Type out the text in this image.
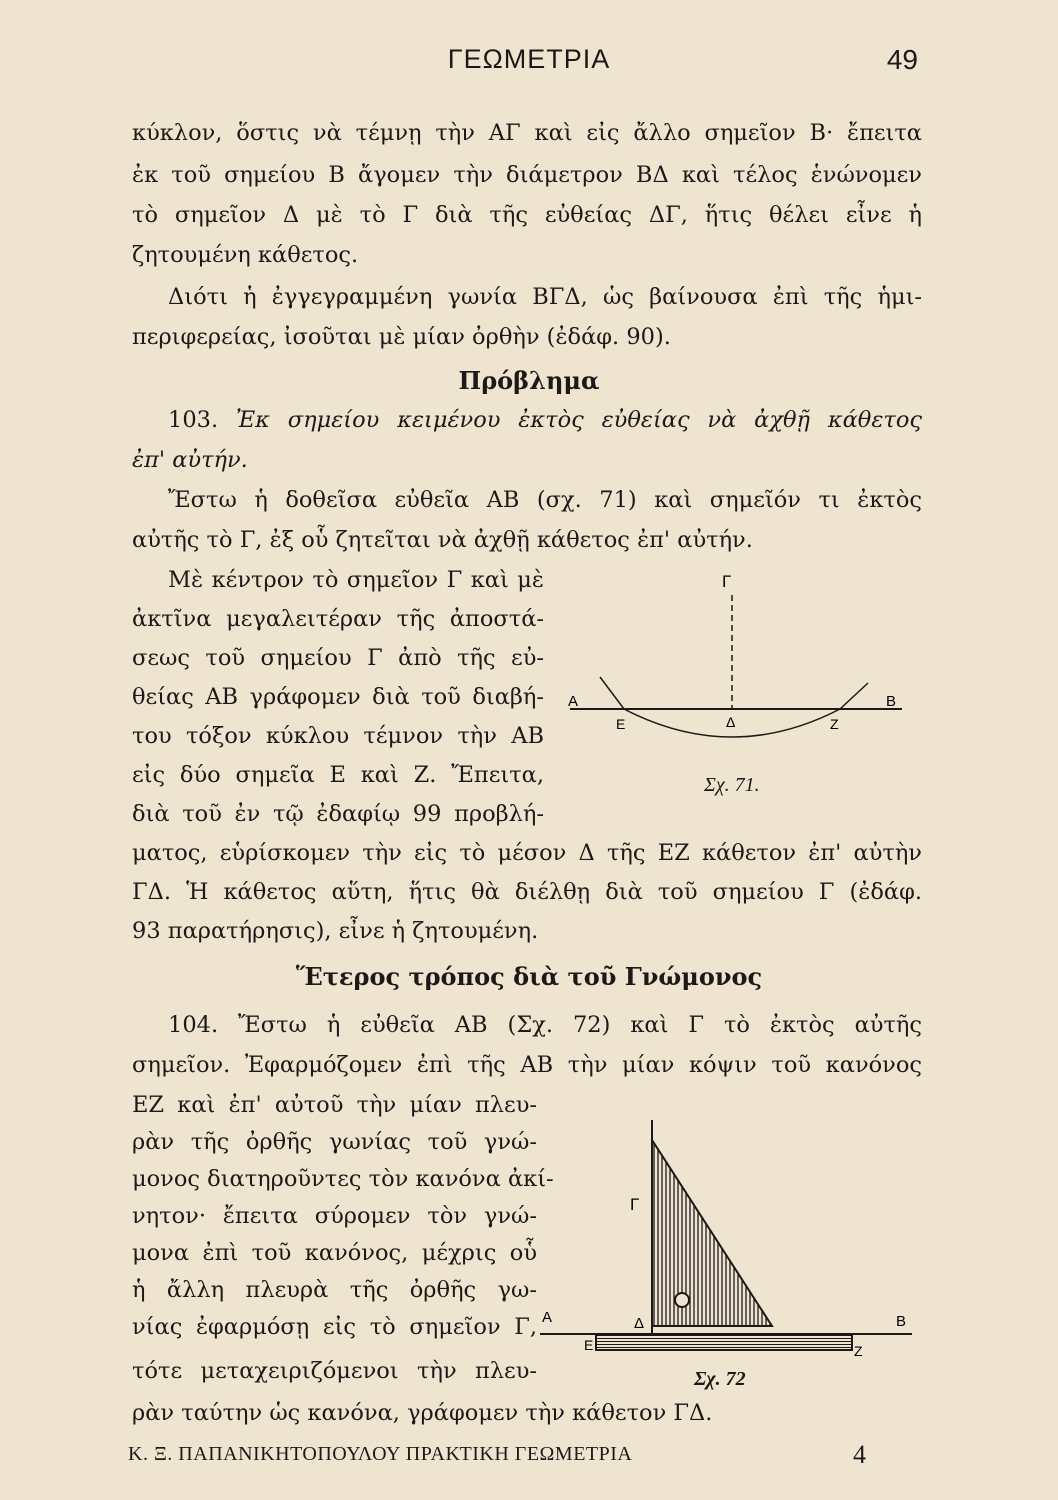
ΓΕΩΜΕΤΡΙΑ	49
κύκλον, ὅστις νὰ τέμνῃ τὴν ΑΓ καὶ εἰς ἄλλο σημεῖον Β· ἔπειτα
ἐκ τοῦ σημείου Β ἄγομεν τὴν διάμετρον ΒΔ καὶ τέλος ἑνώνομεν
τὸ σημεῖον Δ μὲ τὸ Γ διὰ τῆς εὐθείας ΔΓ, ἥτις θέλει εἶνε ἡ
ζητουμένη κάθετος.
Διότι ἡ ἐγγεγραμμένη γωνία ΒΓΔ, ὡς βαίνουσα ἐπὶ τῆς ἡμι-
περιφερείας, ἰσοῦται μὲ μίαν ὀρθὴν (ἐδάφ. 90).
Πρόβλημα
103. Ἐκ σημείου κειμένου ἐκτὸς εὐθείας νὰ ἀχθῇ κάθετος
ἐπ' αὐτήν.
Ἔστω ἡ δοθεῖσα εὐθεῖα ΑΒ (σχ. 71) καὶ σημεῖόν τι ἐκτὸς
αὐτῆς τὸ Γ, ἐξ οὗ ζητεῖται νὰ ἀχθῇ κάθετος ἐπ' αὐτήν.
Μὲ κέντρον τὸ σημεῖον Γ καὶ μὲ
ἀκτῖνα μεγαλειτέραν τῆς ἀποστά-
σεως τοῦ σημείου Γ ἀπὸ τῆς εὐ-
θείας ΑΒ γράφομεν διὰ τοῦ διαβή-
του τόξον κύκλου τέμνον τὴν ΑΒ
εἰς δύο σημεῖα Ε καὶ Ζ. Ἔπειτα,
διὰ τοῦ ἐν τῷ ἐδαφίῳ 99 προβλή-
ματος, εὑρίσκομεν τὴν εἰς τὸ μέσον Δ τῆς ΕΖ κάθετον ἐπ' αὐτὴν
ΓΔ. Ἡ κάθετος αὕτη, ἥτις θὰ διέλθῃ διὰ τοῦ σημείου Γ (ἐδάφ.
93 παρατήρησις), εἶνε ἡ ζητουμένη.
Γ
A	B
Ε	Δ	Ζ
Σχ. 71.
Ἕτερος τρόπος διὰ τοῦ Γνώμονος
104. Ἔστω ἡ εὐθεῖα ΑΒ (Σχ. 72) καὶ Γ τὸ ἐκτὸς αὐτῆς
σημεῖον. Ἐφαρμόζομεν ἐπὶ τῆς ΑΒ τὴν μίαν κόψιν τοῦ κανόνος
ΕΖ καὶ ἐπ' αὐτοῦ τὴν μίαν πλευ-
ρὰν τῆς ὀρθῆς γωνίας τοῦ γνώ-
μονος διατηροῦντες τὸν κανόνα ἀκί-
νητον· ἔπειτα σύρομεν τὸν γνώ-
μονα ἐπὶ τοῦ κανόνος, μέχρις οὗ
ἡ ἄλλη πλευρὰ τῆς ὀρθῆς γω-
νίας ἐφαρμόσῃ εἰς τὸ σημεῖον Γ,
τότε μεταχειριζόμενοι τὴν πλευ-
ρὰν ταύτην ὡς κανόνα, γράφομεν τὴν κάθετον ΓΔ.
Γ
A	B
Δ
Ε	Ζ
Σχ. 72
Κ. Ξ. ΠΑΠΑΝΙΚΗΤΟΠΟΥΛΟΥ ΠΡΑΚΤΙΚΗ ΓΕΩΜΕΤΡΙΑ	4
